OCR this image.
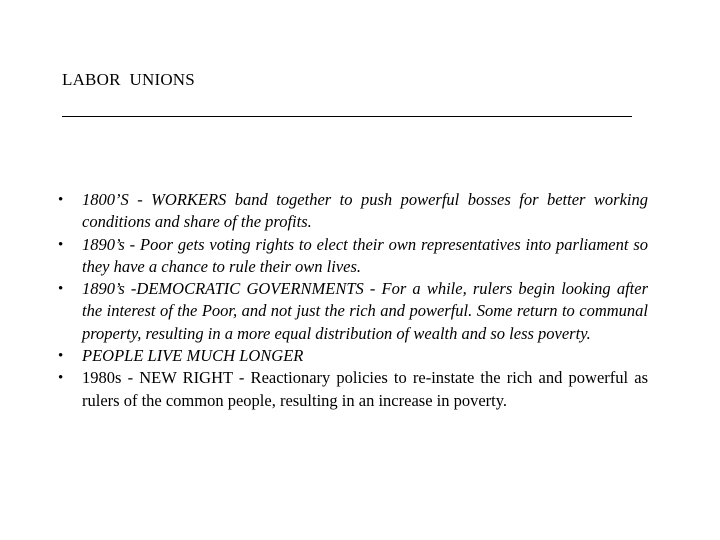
LABOR  UNIONS
• 1800’S - WORKERS band together to push powerful bosses for better working conditions and share of the profits.
• 1890’s - Poor gets voting rights to elect their own representatives into parliament so they have a chance to rule their own lives.
• 1890’s -DEMOCRATIC GOVERNMENTS - For a while, rulers begin looking after the interest of the Poor, and not just the rich and powerful. Some return to communal property, resulting in a more equal distribution of wealth and so less poverty.
• PEOPLE LIVE MUCH LONGER
• 1980s - NEW RIGHT - Reactionary policies to re-instate the rich and powerful as rulers of the common people, resulting in an increase in poverty.
